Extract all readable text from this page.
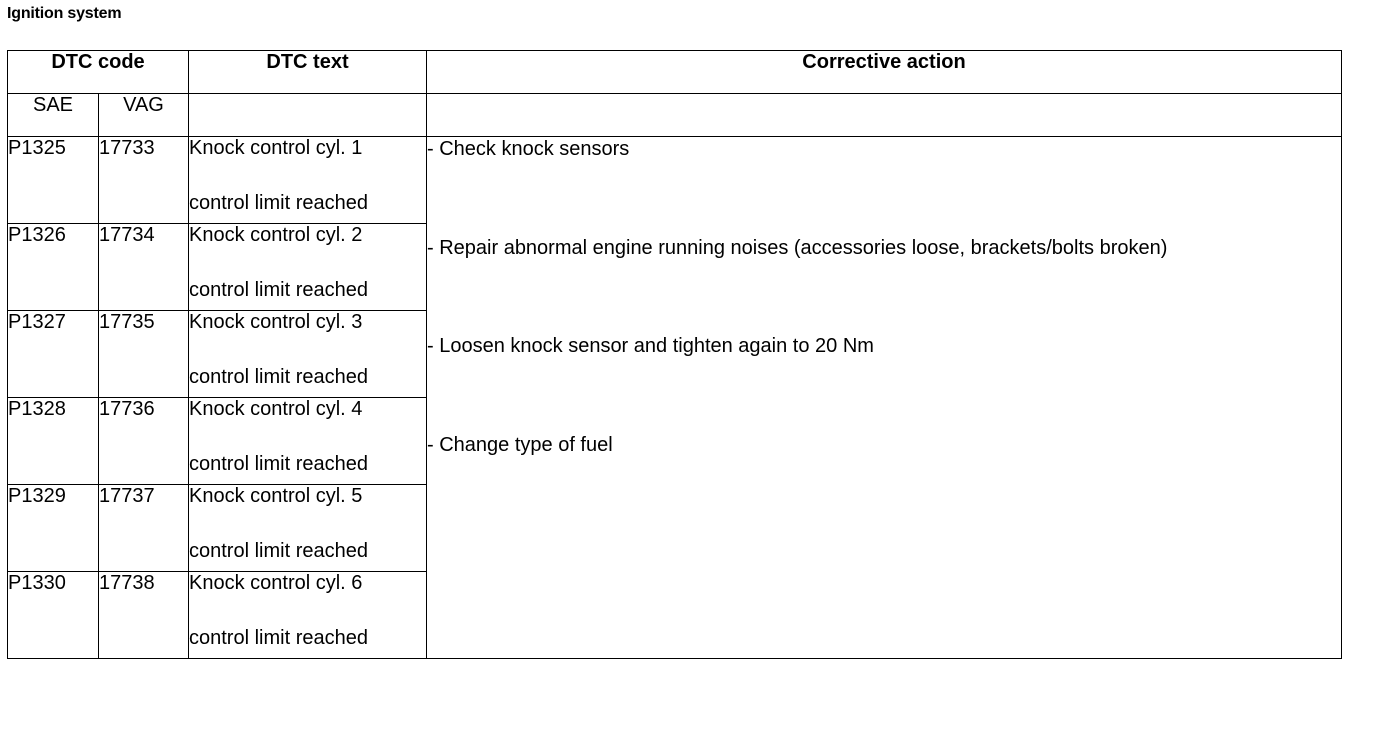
Ignition system
DTC code		DTC text	Corrective action
SAE	VAG		
P1325	17733	Knock control cyl. 1
control limit reached	- Check knock sensors
- Repair abnormal engine running noises (accessories loose, brackets/bolts broken)
- Loosen knock sensor and tighten again to 20 Nm
- Change type of fuel

P1326	17734	Knock control cyl. 2
control limit reached	

P1327	17735	Knock control cyl. 3
control limit reached	

P1328	17736	Knock control cyl. 4
control limit reached	

P1329	17737	Knock control cyl. 5
control limit reached	

P1330	17738	Knock control cyl. 6
control limit reached	
